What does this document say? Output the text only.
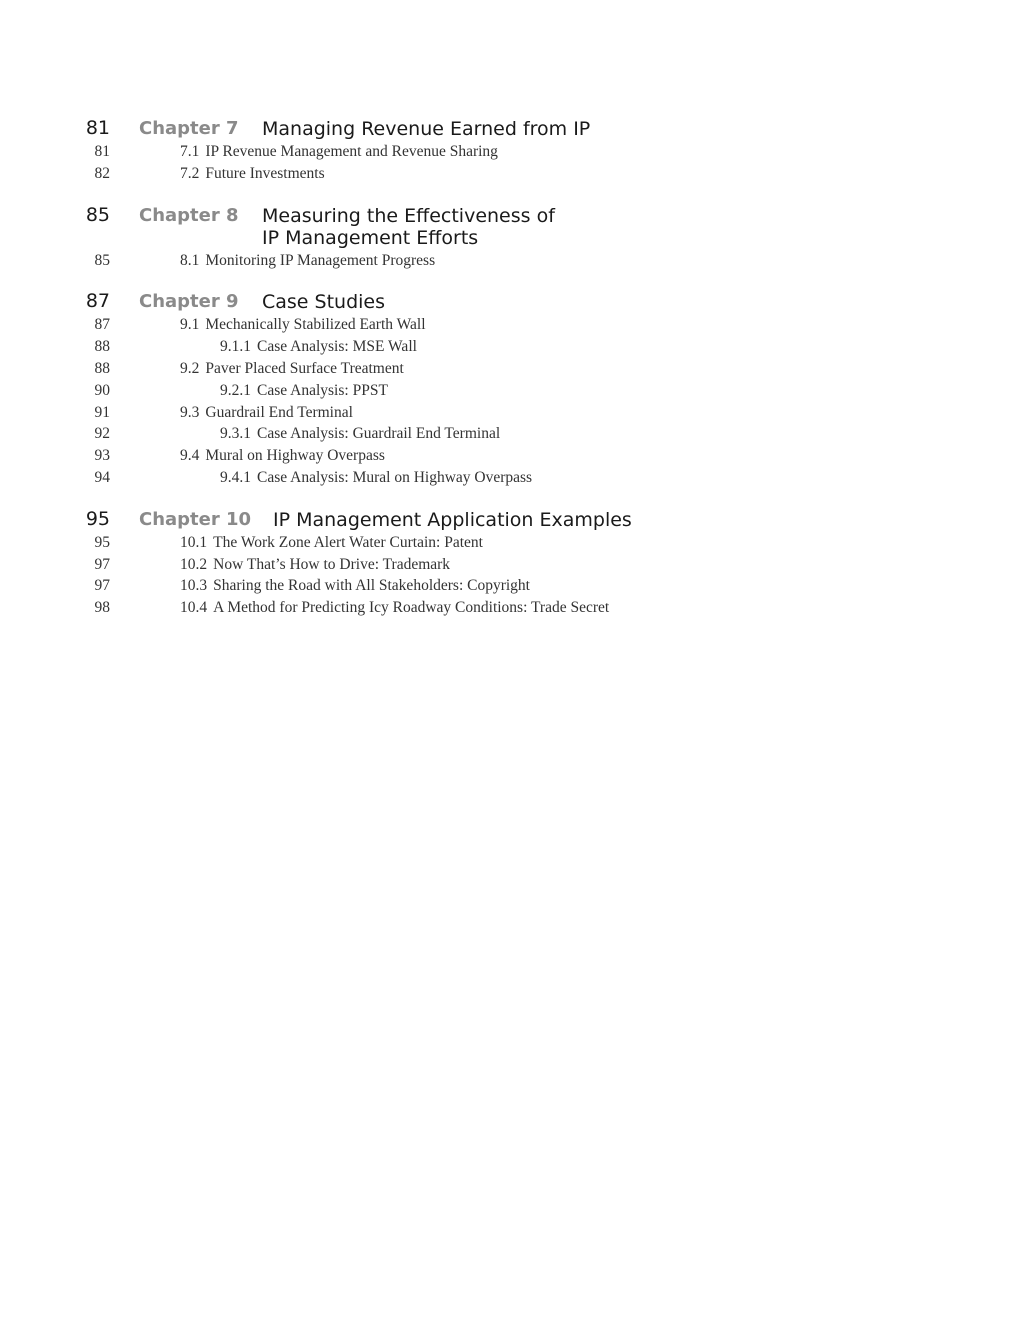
81 Chapter 7 Managing Revenue Earned from IP
81	7.1 IP Revenue Management and Revenue Sharing
82	7.2 Future Investments
85 Chapter 8 Measuring the Effectiveness of
IP Management Efforts
85	8.1 Monitoring IP Management Progress
87 Chapter 9 Case Studies
87	9.1 Mechanically Stabilized Earth Wall
88	9.1.1 Case Analysis: MSE Wall
88	9.2 Paver Placed Surface Treatment
90	9.2.1 Case Analysis: PPST
91	9.3 Guardrail End Terminal
92	9.3.1 Case Analysis: Guardrail End Terminal
93	9.4 Mural on Highway Overpass
94	9.4.1 Case Analysis: Mural on Highway Overpass
95 Chapter 10 IP Management Application Examples
95	10.1 The Work Zone Alert Water Curtain: Patent
97	10.2 Now That’s How to Drive: Trademark
97	10.3 Sharing the Road with All Stakeholders: Copyright
98	10.4 A Method for Predicting Icy Roadway Conditions: Trade Secret
